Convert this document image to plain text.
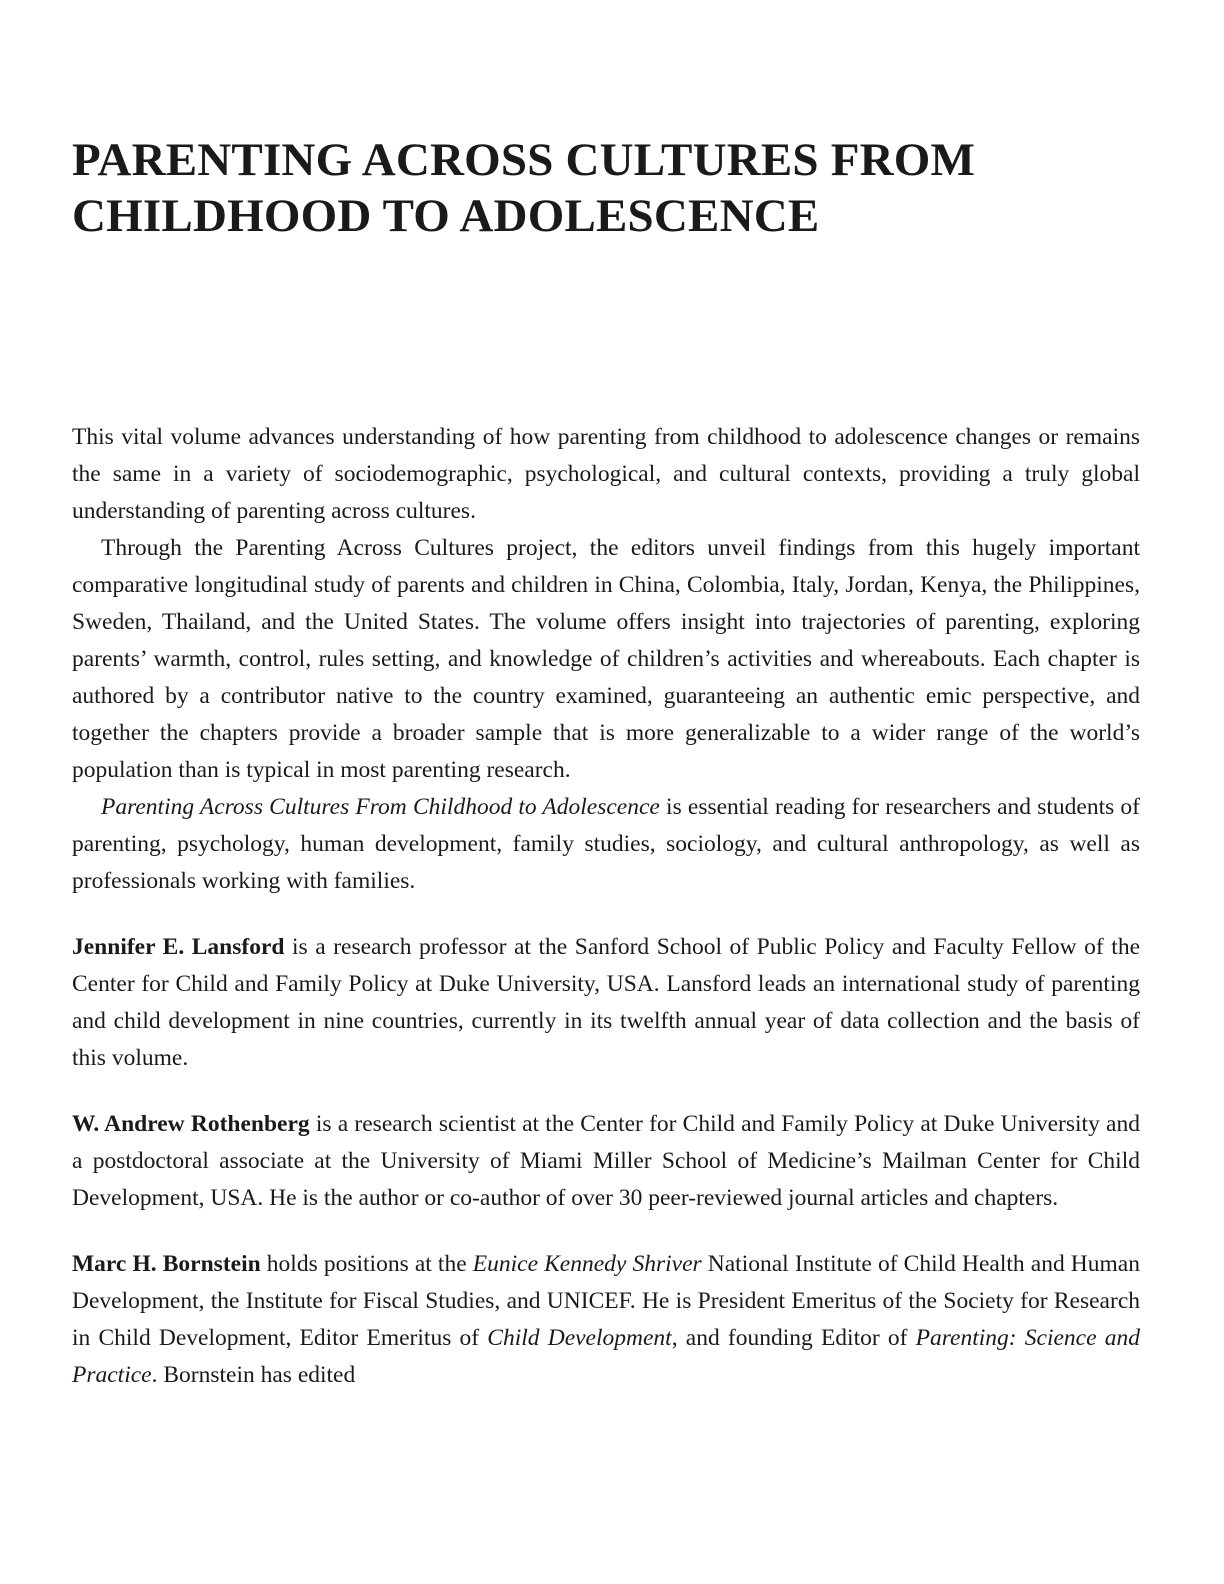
PARENTING ACROSS CULTURES FROM
CHILDHOOD TO ADOLESCENCE

This vital volume advances understanding of how parenting from childhood to adolescence changes or remains the same in a variety of sociodemographic, psychological, and cultural contexts, providing a truly global understanding of parenting across cultures.

Through the Parenting Across Cultures project, the editors unveil findings from this hugely important comparative longitudinal study of parents and children in China, Colombia, Italy, Jordan, Kenya, the Philippines, Sweden, Thailand, and the United States. The volume offers insight into trajectories of parenting, exploring parents’ warmth, control, rules setting, and knowledge of children’s activities and whereabouts. Each chapter is authored by a contributor native to the country examined, guaranteeing an authentic emic perspective, and together the chapters provide a broader sample that is more generalizable to a wider range of the world’s population than is typical in most parenting research.

Parenting Across Cultures From Childhood to Adolescence is essential reading for researchers and students of parenting, psychology, human development, family studies, sociology, and cultural anthropology, as well as professionals working with families.

Jennifer E. Lansford is a research professor at the Sanford School of Public Policy and Faculty Fellow of the Center for Child and Family Policy at Duke University, USA. Lansford leads an international study of parenting and child development in nine countries, currently in its twelfth annual year of data collection and the basis of this volume.

W. Andrew Rothenberg is a research scientist at the Center for Child and Family Policy at Duke University and a postdoctoral associate at the University of Miami Miller School of Medicine’s Mailman Center for Child Development, USA. He is the author or co-author of over 30 peer-reviewed journal articles and chapters.

Marc H. Bornstein holds positions at the Eunice Kennedy Shriver National Institute of Child Health and Human Development, the Institute for Fiscal Studies, and UNICEF. He is President Emeritus of the Society for Research in Child Development, Editor Emeritus of Child Development, and founding Editor of Parenting: Science and Practice. Bornstein has edited
